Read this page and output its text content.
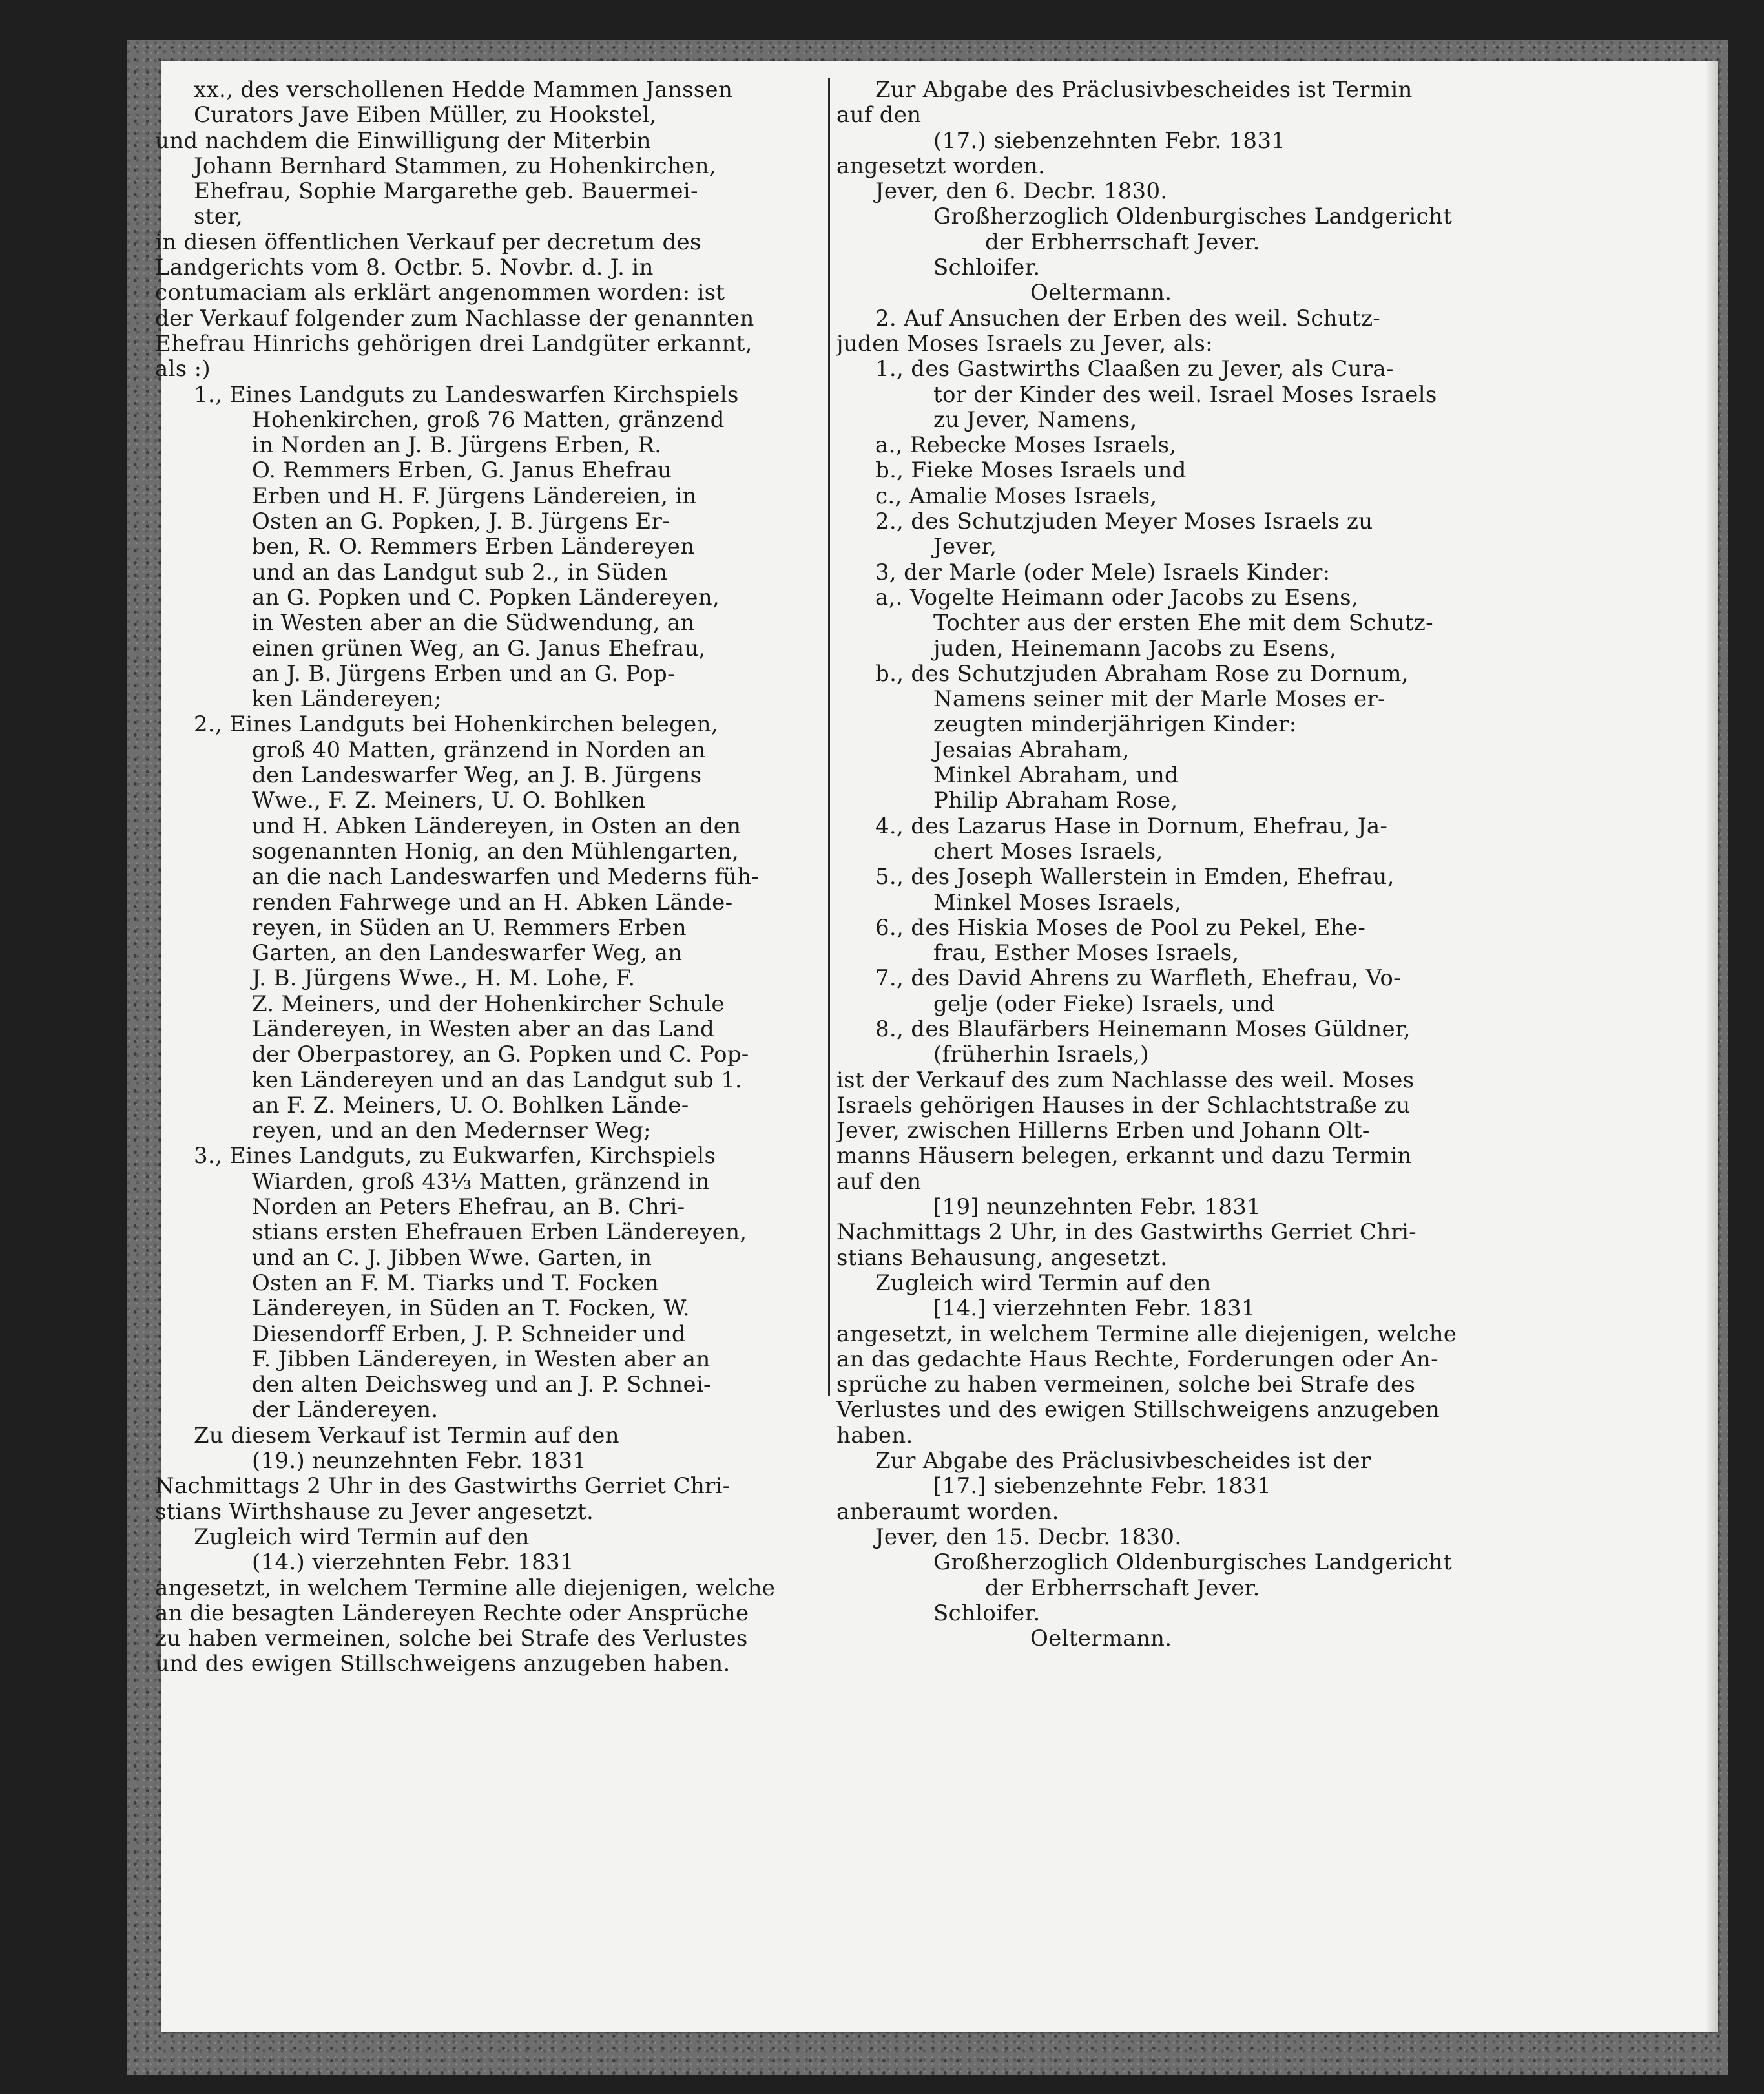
xx., des verschollenen Hedde Mammen Janssen
Curators Jave Eiben Müller, zu Hookstel,
und nachdem die Einwilligung der Miterbin
Johann Bernhard Stammen, zu Hohenkirchen,
Ehefrau, Sophie Margarethe geb. Bauermei-
ster,
in diesen öffentlichen Verkauf per decretum des
Landgerichts vom 8. Octbr. 5. Novbr. d. J. in
contumaciam als erklärt angenommen worden: ist
der Verkauf folgender zum Nachlasse der genannten
Ehefrau Hinrichs gehörigen drei Landgüter erkannt,
als :)
1., Eines Landguts zu Landeswarfen Kirchspiels
Hohenkirchen, groß 76 Matten, gränzend
in Norden an J. B. Jürgens Erben, R.
O. Remmers Erben, G. Janus Ehefrau
Erben und H. F. Jürgens Ländereien, in
Osten an G. Popken, J. B. Jürgens Er-
ben, R. O. Remmers Erben Ländereyen
und an das Landgut sub 2., in Süden
an G. Popken und C. Popken Ländereyen,
in Westen aber an die Südwendung, an
einen grünen Weg, an G. Janus Ehefrau,
an J. B. Jürgens Erben und an G. Pop-
ken Ländereyen;
2., Eines Landguts bei Hohenkirchen belegen,
groß 40 Matten, gränzend in Norden an
den Landeswarfer Weg, an J. B. Jürgens
Wwe., F. Z. Meiners, U. O. Bohlken
und H. Abken Ländereyen, in Osten an den
sogenannten Honig, an den Mühlengarten,
an die nach Landeswarfen und Mederns füh-
renden Fahrwege und an H. Abken Lände-
reyen, in Süden an U. Remmers Erben
Garten, an den Landeswarfer Weg, an
J. B. Jürgens Wwe., H. M. Lohe, F.
Z. Meiners, und der Hohenkircher Schule
Ländereyen, in Westen aber an das Land
der Oberpastorey, an G. Popken und C. Pop-
ken Ländereyen und an das Landgut sub 1.
an F. Z. Meiners, U. O. Bohlken Lände-
reyen, und an den Medernser Weg;
3., Eines Landguts, zu Eukwarfen, Kirchspiels
Wiarden, groß 43⅓ Matten, gränzend in
Norden an Peters Ehefrau, an B. Chri-
stians ersten Ehefrauen Erben Ländereyen,
und an C. J. Jibben Wwe. Garten, in
Osten an F. M. Tiarks und T. Focken
Ländereyen, in Süden an T. Focken, W.
Diesendorff Erben, J. P. Schneider und
F. Jibben Ländereyen, in Westen aber an
den alten Deichsweg und an J. P. Schnei-
der Ländereyen.
Zu diesem Verkauf ist Termin auf den
(19.) neunzehnten Febr. 1831
Nachmittags 2 Uhr in des Gastwirths Gerriet Chri-
stians Wirthshause zu Jever angesetzt.
Zugleich wird Termin auf den
(14.) vierzehnten Febr. 1831
angesetzt, in welchem Termine alle diejenigen, welche
an die besagten Ländereyen Rechte oder Ansprüche
zu haben vermeinen, solche bei Strafe des Verlustes
und des ewigen Stillschweigens anzugeben haben.
Zur Abgabe des Präclusivbescheides ist Termin
auf den
(17.) siebenzehnten Febr. 1831
angesetzt worden.
Jever, den 6. Decbr. 1830.
Großherzoglich Oldenburgisches Landgericht
der Erbherrschaft Jever.
Schloifer.
Oeltermann.
2. Auf Ansuchen der Erben des weil. Schutz-
juden Moses Israels zu Jever, als:
1., des Gastwirths Claaßen zu Jever, als Cura-
tor der Kinder des weil. Israel Moses Israels
zu Jever, Namens,
a., Rebecke Moses Israels,
b., Fieke Moses Israels und
c., Amalie Moses Israels,
2., des Schutzjuden Meyer Moses Israels zu
Jever,
3, der Marle (oder Mele) Israels Kinder:
a,. Vogelte Heimann oder Jacobs zu Esens,
Tochter aus der ersten Ehe mit dem Schutz-
juden, Heinemann Jacobs zu Esens,
b., des Schutzjuden Abraham Rose zu Dornum,
Namens seiner mit der Marle Moses er-
zeugten minderjährigen Kinder:
Jesaias Abraham,
Minkel Abraham, und
Philip Abraham Rose,
4., des Lazarus Hase in Dornum, Ehefrau, Ja-
chert Moses Israels,
5., des Joseph Wallerstein in Emden, Ehefrau,
Minkel Moses Israels,
6., des Hiskia Moses de Pool zu Pekel, Ehe-
frau, Esther Moses Israels,
7., des David Ahrens zu Warfleth, Ehefrau, Vo-
gelje (oder Fieke) Israels, und
8., des Blaufärbers Heinemann Moses Güldner,
(früherhin Israels,)
ist der Verkauf des zum Nachlasse des weil. Moses
Israels gehörigen Hauses in der Schlachtstraße zu
Jever, zwischen Hillerns Erben und Johann Olt-
manns Häusern belegen, erkannt und dazu Termin
auf den
[19] neunzehnten Febr. 1831
Nachmittags 2 Uhr, in des Gastwirths Gerriet Chri-
stians Behausung, angesetzt.
Zugleich wird Termin auf den
[14.] vierzehnten Febr. 1831
angesetzt, in welchem Termine alle diejenigen, welche
an das gedachte Haus Rechte, Forderungen oder An-
sprüche zu haben vermeinen, solche bei Strafe des
Verlustes und des ewigen Stillschweigens anzugeben
haben.
Zur Abgabe des Präclusivbescheides ist der
[17.] siebenzehnte Febr. 1831
anberaumt worden.
Jever, den 15. Decbr. 1830.
Großherzoglich Oldenburgisches Landgericht
der Erbherrschaft Jever.
Schloifer.
Oeltermann.
